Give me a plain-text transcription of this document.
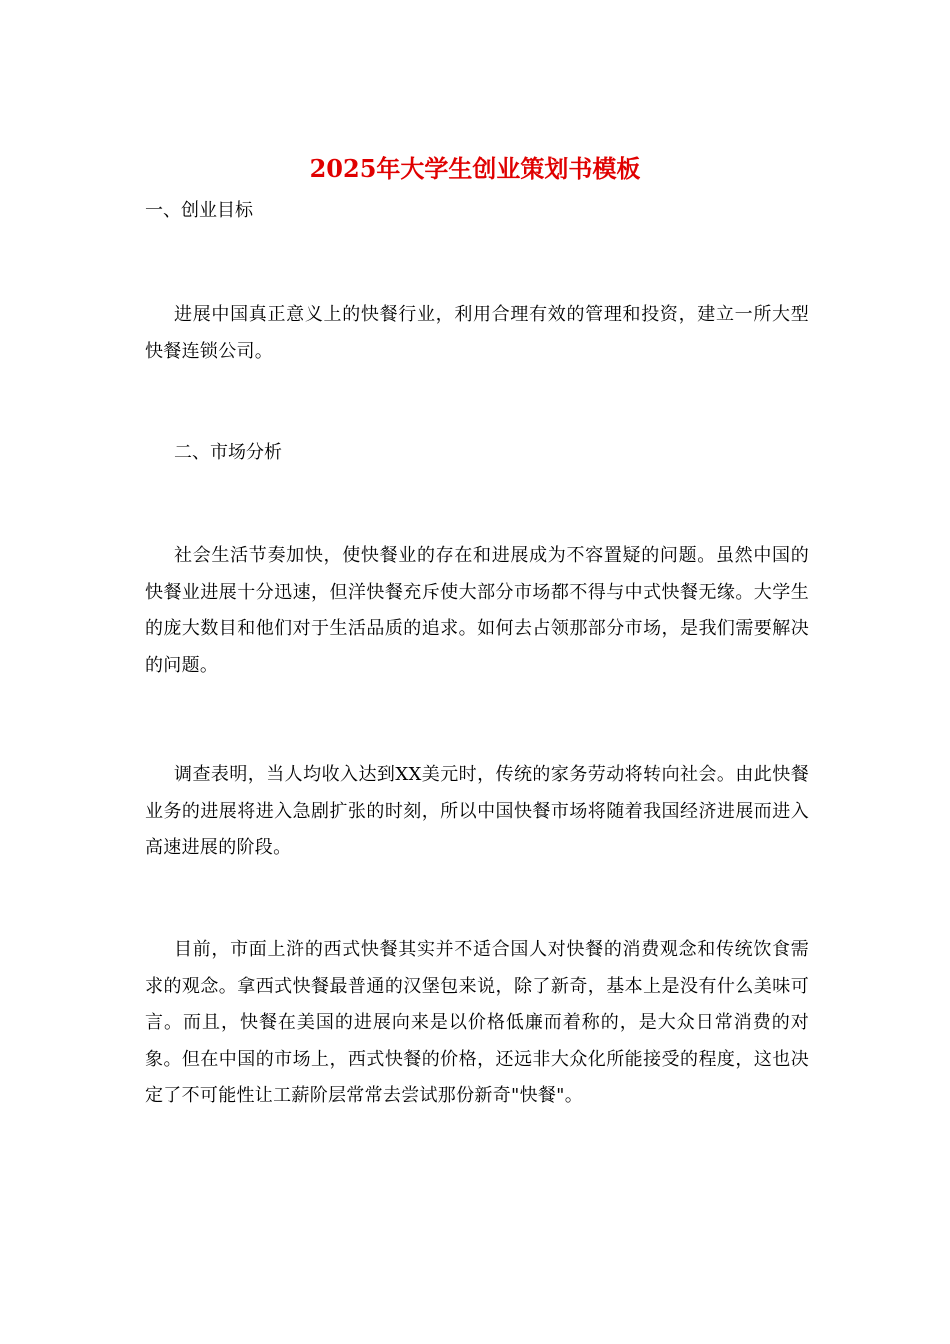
2025年大学生创业策划书模板

一、创业目标

进展中国真正意义上的快餐行业，利用合理有效的管理和投资，建立一所大型快餐连锁公司。

二、市场分析

社会生活节奏加快，使快餐业的存在和进展成为不容置疑的问题。虽然中国的快餐业进展十分迅速，但洋快餐充斥使大部分市场都不得与中式快餐无缘。大学生的庞大数目和他们对于生活品质的追求。如何去占领那部分市场，是我们需要解决的问题。

调查表明，当人均收入达到XX美元时，传统的家务劳动将转向社会。由此快餐业务的进展将进入急剧扩张的时刻，所以中国快餐市场将随着我国经济进展而进入高速进展的阶段。

目前，市面上浒的西式快餐其实并不适合国人对快餐的消费观念和传统饮食需求的观念。拿西式快餐最普通的汉堡包来说，除了新奇，基本上是没有什么美味可言。而且，快餐在美国的进展向来是以价格低廉而着称的，是大众日常消费的对象。但在中国的市场上，西式快餐的价格，还远非大众化所能接受的程度，这也决定了不可能性让工薪阶层常常去尝试那份新奇"快餐"。
